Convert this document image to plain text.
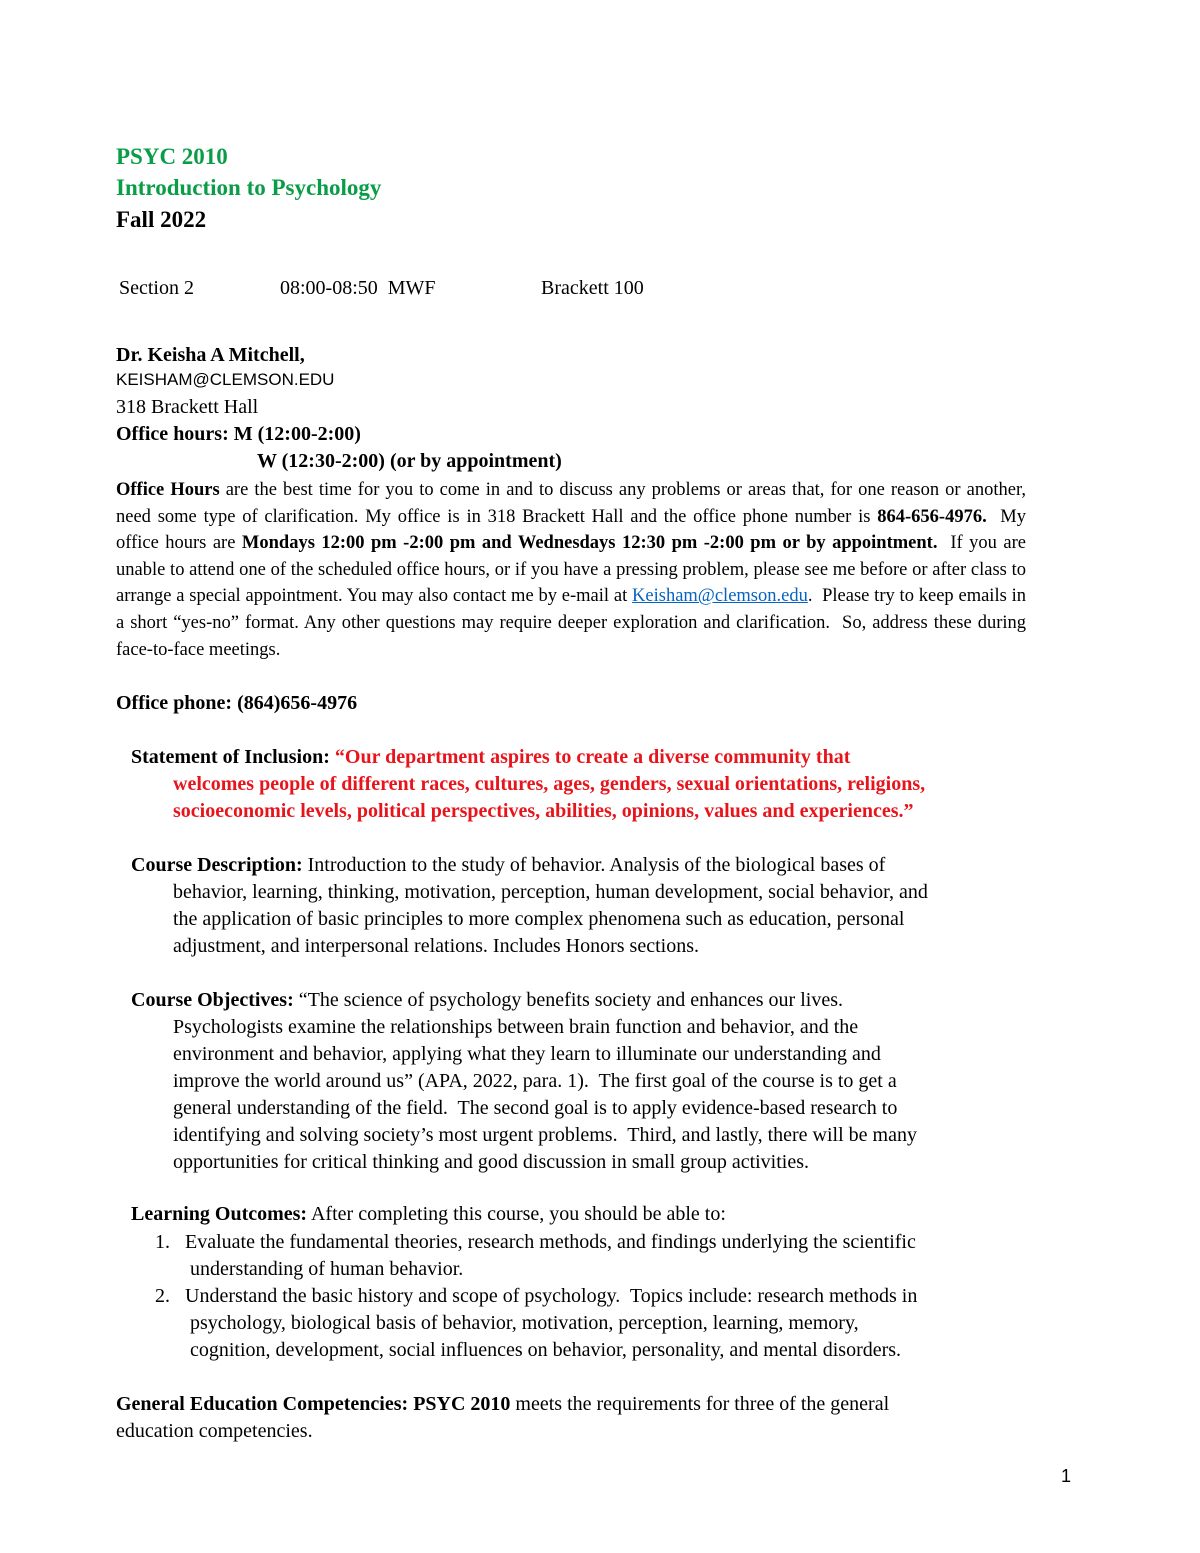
PSYC 2010
Introduction to Psychology
Fall 2022
Section 2	08:00-08:50  MWF	Brackett 100
Dr. Keisha A Mitchell,
KEISHAM@CLEMSON.EDU
318 Brackett Hall
Office hours: M (12:00-2:00)
W (12:30-2:00) (or by appointment)
Office Hours are the best time for you to come in and to discuss any problems or areas that, for one reason or another, need some type of clarification. My office is in 318 Brackett Hall and the office phone number is 864-656-4976.  My office hours are Mondays 12:00 pm -2:00 pm and Wednesdays 12:30 pm -2:00 pm or by appointment.  If you are unable to attend one of the scheduled office hours, or if you have a pressing problem, please see me before or after class to arrange a special appointment. You may also contact me by e-mail at Keisham@clemson.edu.  Please try to keep emails in a short “yes-no” format. Any other questions may require deeper exploration and clarification.  So, address these during face-to-face meetings.
Office phone: (864)656-4976
Statement of Inclusion: “Our department aspires to create a diverse community that
welcomes people of different races, cultures, ages, genders, sexual orientations, religions,
socioeconomic levels, political perspectives, abilities, opinions, values and experiences.”
Course Description: Introduction to the study of behavior. Analysis of the biological bases of
behavior, learning, thinking, motivation, perception, human development, social behavior, and
the application of basic principles to more complex phenomena such as education, personal
adjustment, and interpersonal relations. Includes Honors sections.
Course Objectives: “The science of psychology benefits society and enhances our lives.
Psychologists examine the relationships between brain function and behavior, and the
environment and behavior, applying what they learn to illuminate our understanding and
improve the world around us” (APA, 2022, para. 1).  The first goal of the course is to get a
general understanding of the field.  The second goal is to apply evidence-based research to
identifying and solving society’s most urgent problems.  Third, and lastly, there will be many
opportunities for critical thinking and good discussion in small group activities.
Learning Outcomes: After completing this course, you should be able to:
1. Evaluate the fundamental theories, research methods, and findings underlying the scientific
understanding of human behavior.
2. Understand the basic history and scope of psychology.  Topics include: research methods in
psychology, biological basis of behavior, motivation, perception, learning, memory,
cognition, development, social influences on behavior, personality, and mental disorders.
General Education Competencies: PSYC 2010 meets the requirements for three of the general
education competencies.
1
